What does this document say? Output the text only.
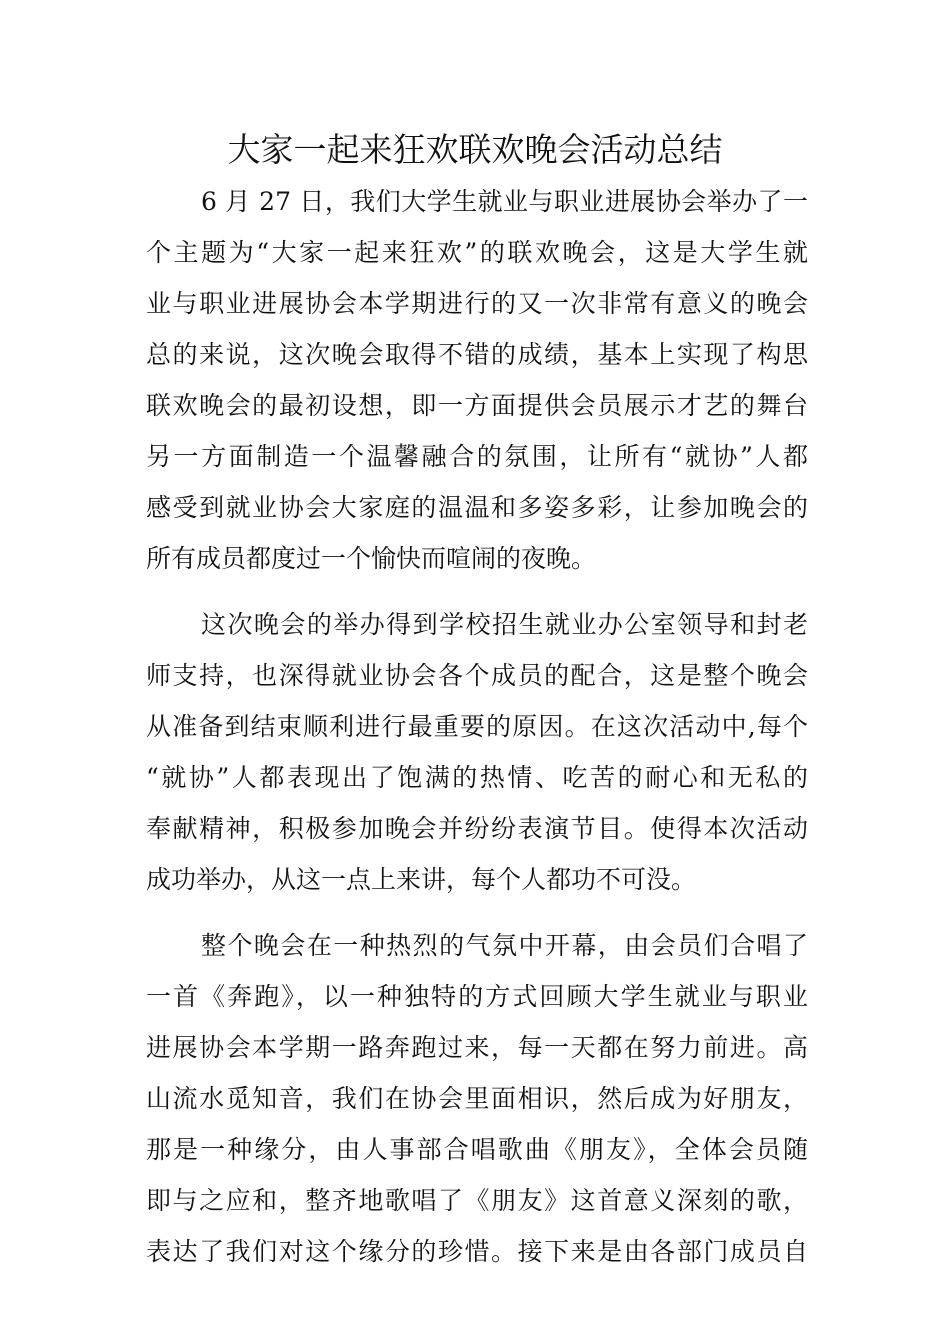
大家一起来狂欢联欢晚会活动总结
6 月 27 日，我们大学生就业与职业进展协会举办了一
个主题为“大家一起来狂欢”的联欢晚会，这是大学生就
业与职业进展协会本学期进行的又一次非常有意义的晚会
总的来说，这次晚会取得不错的成绩，基本上实现了构思
联欢晚会的最初设想，即一方面提供会员展示才艺的舞台
另一方面制造一个温馨融合的氛围，让所有“就协”人都
感受到就业协会大家庭的温温和多姿多彩，让参加晚会的
所有成员都度过一个愉快而喧闹的夜晚。
这次晚会的举办得到学校招生就业办公室领导和封老
师支持，也深得就业协会各个成员的配合，这是整个晚会
从准备到结束顺利进行最重要的原因。在这次活动中,每个
“就协”人都表现出了饱满的热情、吃苦的耐心和无私的
奉献精神，积极参加晚会并纷纷表演节目。使得本次活动
成功举办，从这一点上来讲，每个人都功不可没。
整个晚会在一种热烈的气氛中开幕，由会员们合唱了
一首《奔跑》，以一种独特的方式回顾大学生就业与职业
进展协会本学期一路奔跑过来，每一天都在努力前进。高
山流水觅知音，我们在协会里面相识，然后成为好朋友，
那是一种缘分，由人事部合唱歌曲《朋友》，全体会员随
即与之应和，整齐地歌唱了《朋友》这首意义深刻的歌，
表达了我们对这个缘分的珍惜。接下来是由各部门成员自
